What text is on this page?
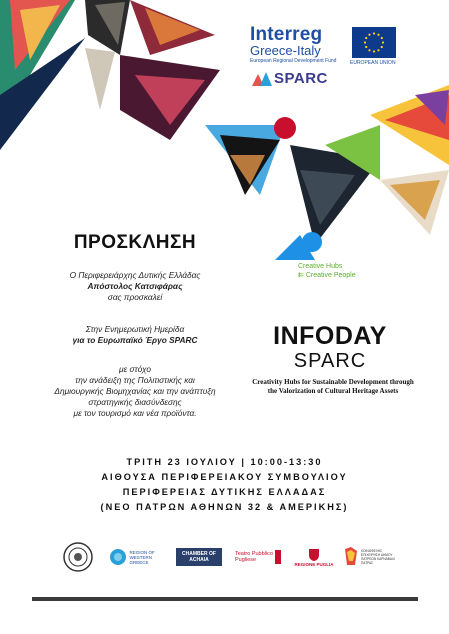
Interreg
Greece-Italy
European Regional Development Fund	EUROPEAN UNION
SPARC
Creative Hubs
⇇ Creative People
ΠΡΟΣΚΛΗΣΗ
Ο Περιφερειάρχης Δυτικής Ελλάδας
Απόστολος Κατσιφάρας
σας προσκαλεί
Στην Ενημερωτική Ημερίδα
για το Ευρωπαϊκό Έργο SPARC
με στόχο
την ανάδειξη της Πολιτιστικής και
Δημιουργικής Βιομηχανίας και την ανάπτυξη
στρατηγικής διασύνδεσης
με τον τουρισμό και νέα προϊόντα.
INFODAY
SPARC
Creativity Hubs for Sustainable Development through
the Valorization of Cultural Heritage Assets
ΤΡΙΤΗ 23 ΙΟΥΛΙΟΥ | 10:00-13:30
ΑΙΘΟΥΣΑ ΠΕΡΙΦΕΡΕΙΑΚΟΥ ΣΥΜΒΟΥΛΙΟΥ
ΠΕΡΙΦΕΡΕΙΑΣ ΔΥΤΙΚΗΣ ΕΛΛΑΔΑΣ
(ΝΕΟ ΠΑΤΡΩΝ ΑΘΗΝΩΝ 32 & ΑΜΕΡΙΚΗΣ)
REGION OF WESTERN GREECE
CHAMBER OF ACHAIA
Teatro Pubblico Pugliese
REGIONE PUGLIA
ΚΟΙΝΩΦΕΛΗΣ ΕΠΙΧΕΙΡΗΣΗ ΔΗΜΟΥ ΠΑΤΡΕΩΝ ΚΑΡΝΑΒΑΛΙ ΠΑΤΡΑΣ
